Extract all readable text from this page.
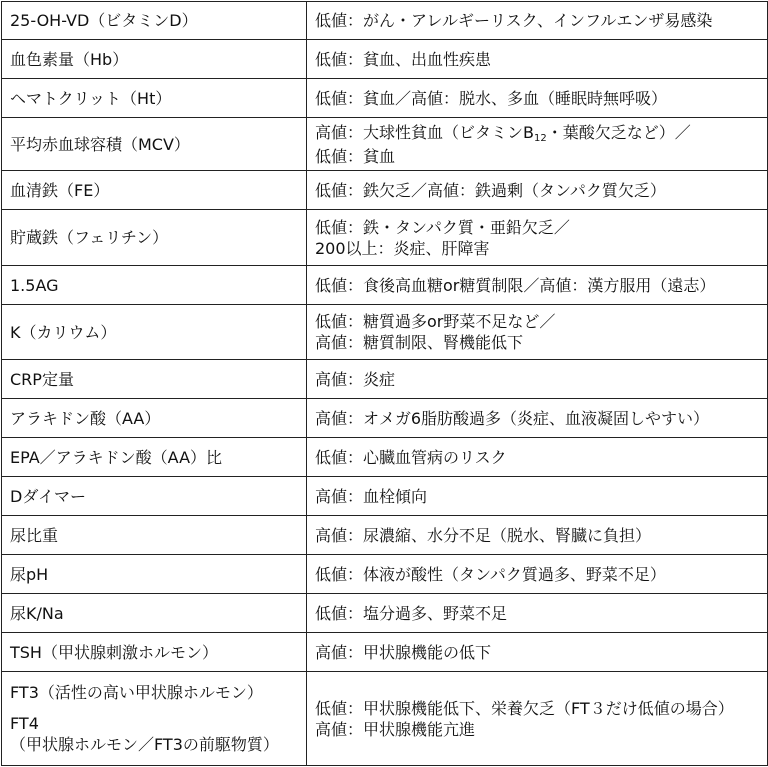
25-OH-VD（ビタミンD）	低値：がん・アレルギーリスク、インフルエンザ易感染

血色素量（Hb）	低値：貧血、出血性疾患

ヘマトクリット（Ht）	低値：貧血／高値：脱水、多血（睡眠時無呼吸）

平均赤血球容積（MCV）	高値：大球性貧血（ビタミンB12・葉酸欠乏など）／
低値：貧血

血清鉄（FE）	低値：鉄欠乏／高値：鉄過剰（タンパク質欠乏）

貯蔵鉄（フェリチン）	低値：鉄・タンパク質・亜鉛欠乏／
200以上：炎症、肝障害

1.5AG	低値：食後高血糖or糖質制限／高値：漢方服用（遠志）

K（カリウム）	低値：糖質過多or野菜不足など／
高値：糖質制限、腎機能低下

CRP定量	高値：炎症

アラキドン酸（AA）	高値：オメガ6脂肪酸過多（炎症、血液凝固しやすい）

EPA／アラキドン酸（AA）比	低値：心臓血管病のリスク

Dダイマー	高値：血栓傾向

尿比重	高値：尿濃縮、水分不足（脱水、腎臓に負担）

尿pH	低値：体液が酸性（タンパク質過多、野菜不足）

尿K/Na	低値：塩分過多、野菜不足

TSH（甲状腺刺激ホルモン）	高値：甲状腺機能の低下

FT3（活性の高い甲状腺ホルモン）
FT4
（甲状腺ホルモン／FT3の前駆物質）	低値：甲状腺機能低下、栄養欠乏（FT３だけ低値の場合）
高値：甲状腺機能亢進
